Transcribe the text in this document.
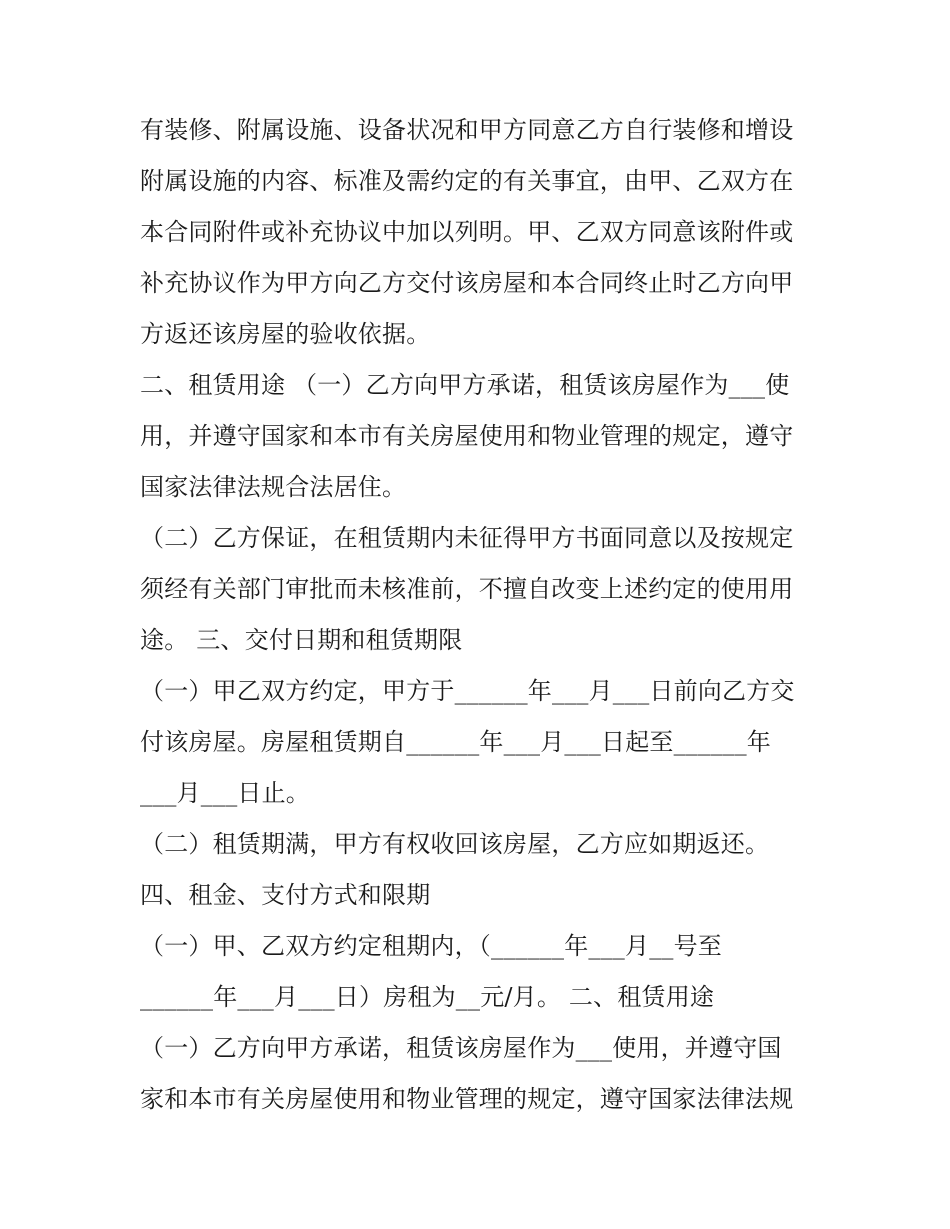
有装修、附属设施、设备状况和甲方同意乙方自行装修和增设
附属设施的内容、标准及需约定的有关事宜，由甲、乙双方在
本合同附件或补充协议中加以列明。甲、乙双方同意该附件或
补充协议作为甲方向乙方交付该房屋和本合同终止时乙方向甲
方返还该房屋的验收依据。
二、租赁用途 （一）乙方向甲方承诺，租赁该房屋作为___使
用，并遵守国家和本市有关房屋使用和物业管理的规定，遵守
国家法律法规合法居住。
（二）乙方保证，在租赁期内未征得甲方书面同意以及按规定
须经有关部门审批而未核准前，不擅自改变上述约定的使用用
途。 三、交付日期和租赁期限
（一）甲乙双方约定，甲方于______年___月___日前向乙方交
付该房屋。房屋租赁期自______年___月___日起至______年
___月___日止。
（二）租赁期满，甲方有权收回该房屋，乙方应如期返还。
四、租金、支付方式和限期
（一）甲、乙双方约定租期内，（______年___月__号至
______年___月___日）房租为__元/月。 二、租赁用途
（一）乙方向甲方承诺，租赁该房屋作为___使用，并遵守国
家和本市有关房屋使用和物业管理的规定，遵守国家法律法规
